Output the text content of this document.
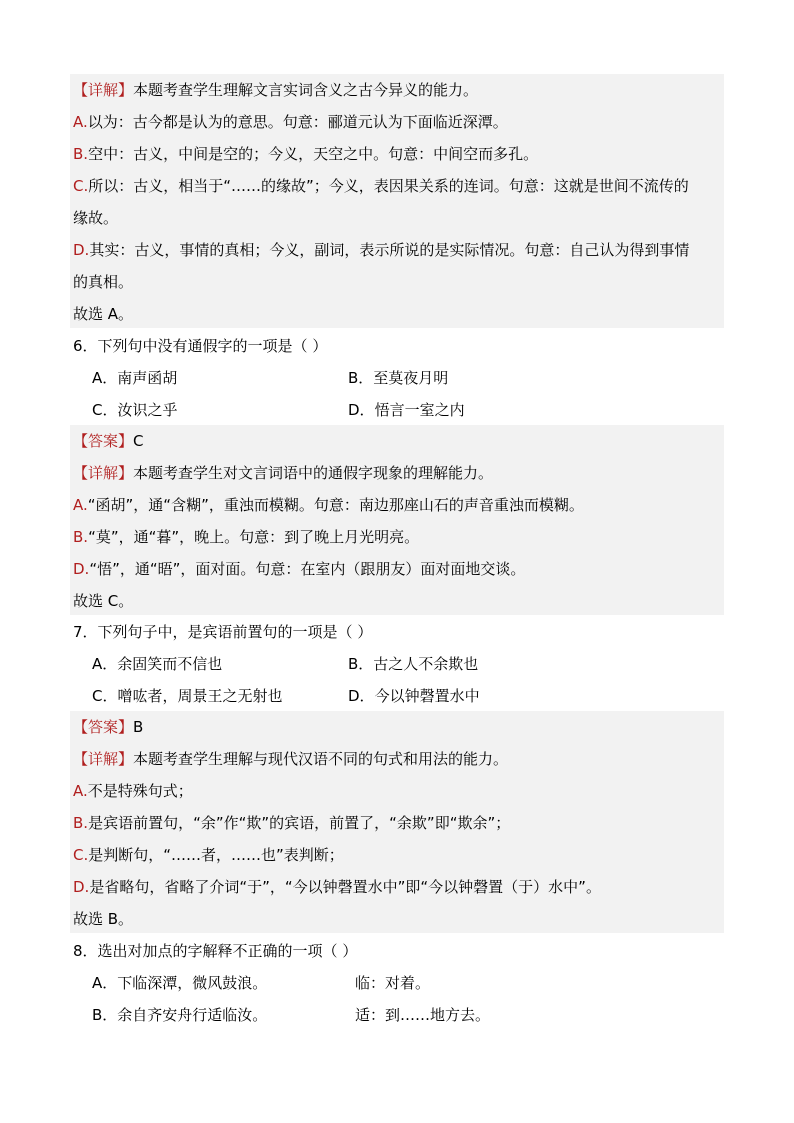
【详解】本题考查学生理解文言实词含义之古今异义的能力。
A.以为：古今都是认为的意思。句意：郦道元认为下面临近深潭。
B.空中：古义，中间是空的；今义，天空之中。句意：中间空而多孔。
C.所以：古义，相当于“……的缘故”；今义，表因果关系的连词。句意：这就是世间不流传的
缘故。
D.其实：古义，事情的真相；今义，副词，表示所说的是实际情况。句意：自己认为得到事情
的真相。
故选 A。
6．下列句中没有通假字的一项是（ ）
A．南声函胡	B．至莫夜月明
C．汝识之乎	D．悟言一室之内
【答案】C
【详解】本题考查学生对文言词语中的通假字现象的理解能力。
A.“函胡”，通“含糊”，重浊而模糊。句意：南边那座山石的声音重浊而模糊。
B.“莫”，通“暮”，晚上。句意：到了晚上月光明亮。
D.“悟”，通“晤”，面对面。句意：在室内（跟朋友）面对面地交谈。
故选 C。
7．下列句子中，是宾语前置句的一项是（ ）
A．余固笑而不信也	B．古之人不余欺也
C．噌吰者，周景王之无射也	D．今以钟磬置水中
【答案】B
【详解】本题考查学生理解与现代汉语不同的句式和用法的能力。
A.不是特殊句式；
B.是宾语前置句，“余”作“欺”的宾语，前置了，“余欺”即“欺余”；
C.是判断句，“……者，……也”表判断；
D.是省略句，省略了介词“于”，“今以钟磬置水中”即“今以钟磬置（于）水中”。
故选 B。
8．选出对加点的字解释不正确的一项（ ）
A．下临深潭，微风鼓浪。	临：对着。
B．余自齐安舟行适临汝。	适：到……地方去。
